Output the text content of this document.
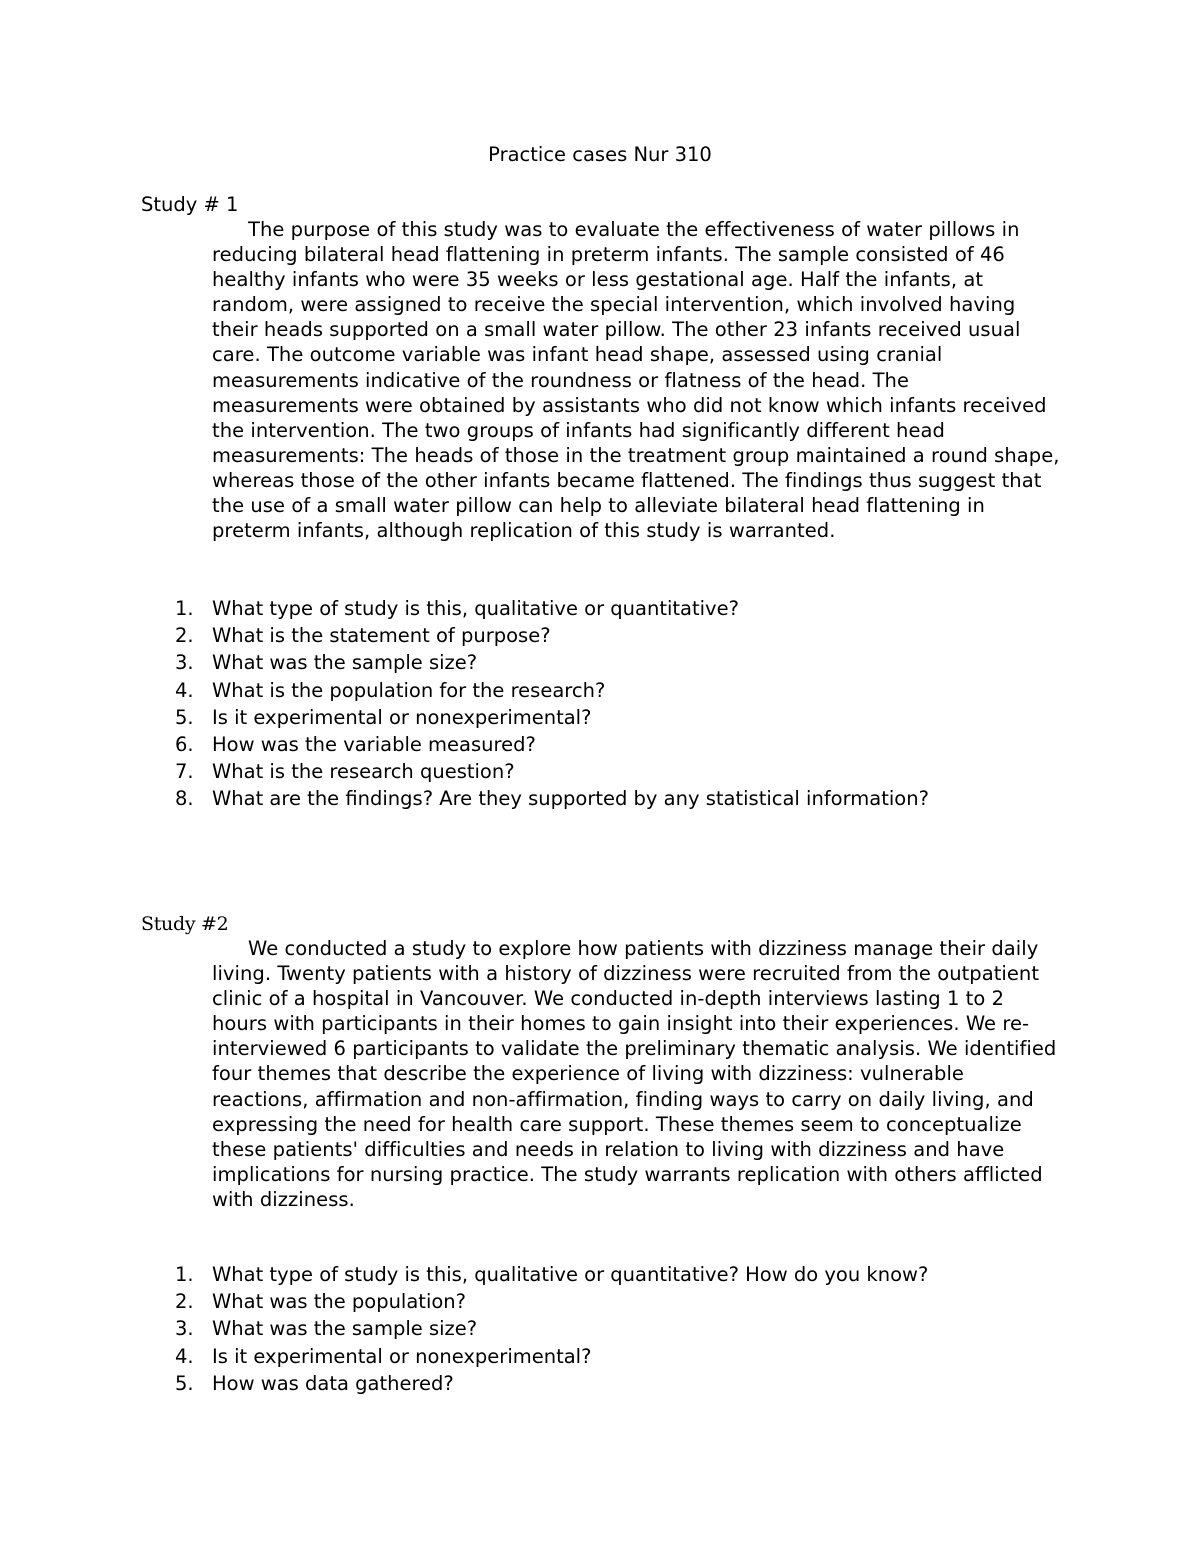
Practice cases Nur 310
Study # 1

The purpose of this study was to evaluate the effectiveness of water pillows in reducing bilateral head flattening in preterm infants. The sample consisted of 46 healthy infants who were 35 weeks or less gestational age. Half the infants, at random, were assigned to receive the special intervention, which involved having their heads supported on a small water pillow. The other 23 infants received usual care. The outcome variable was infant head shape, assessed using cranial measurements indicative of the roundness or flatness of the head. The measurements were obtained by assistants who did not know which infants received the intervention. The two groups of infants had significantly different head measurements: The heads of those in the treatment group maintained a round shape, whereas those of the other infants became flattened. The findings thus suggest that the use of a small water pillow can help to alleviate bilateral head flattening in preterm infants, although replication of this study is warranted.

1. What type of study is this, qualitative or quantitative?
2. What is the statement of purpose?
3. What was the sample size?
4. What is the population for the research?
5. Is it experimental or nonexperimental?
6. How was the variable measured?
7. What is the research question?
8. What are the findings? Are they supported by any statistical information?
Study #2

We conducted a study to explore how patients with dizziness manage their daily living. Twenty patients with a history of dizziness were recruited from the outpatient clinic of a hospital in Vancouver. We conducted in-depth interviews lasting 1 to 2 hours with participants in their homes to gain insight into their experiences. We re-interviewed 6 participants to validate the preliminary thematic analysis. We identified four themes that describe the experience of living with dizziness: vulnerable reactions, affirmation and non-affirmation, finding ways to carry on daily living, and expressing the need for health care support. These themes seem to conceptualize these patients' difficulties and needs in relation to living with dizziness and have implications for nursing practice. The study warrants replication with others afflicted with dizziness.

1. What type of study is this, qualitative or quantitative? How do you know?
2. What was the population?
3. What was the sample size?
4. Is it experimental or nonexperimental?
5. How was data gathered?
